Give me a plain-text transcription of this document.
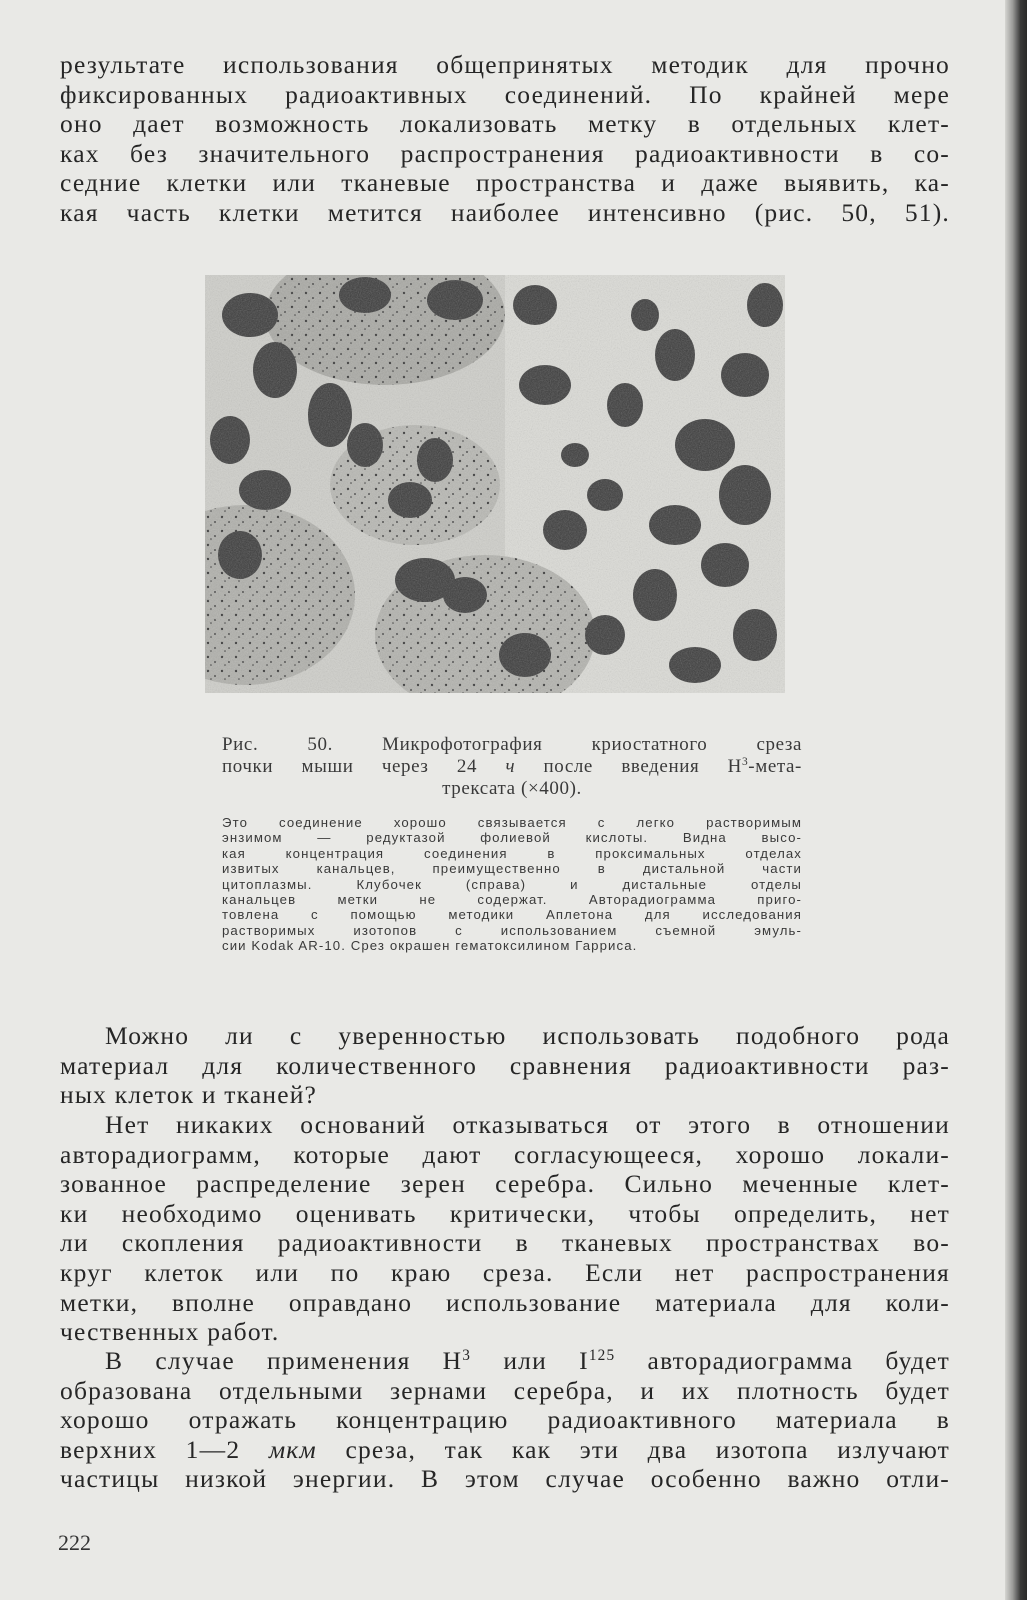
результате использования общепринятых методик для прочно
фиксированных радиоактивных соединений. По крайней мере
оно дает возможность локализовать метку в отдельных клет-
ках без значительного распространения радиоактивности в со-
седние клетки или тканевые пространства и даже выявить, ка-
кая часть клетки метится наиболее интенсивно (рис. 50, 51).
Рис. 50. Микрофотография криостатного среза
почки мыши через 24 ч после введения $Н^3-мета-$
трексата (×400).
Это соединение хорошо связывается с легко растворимым
энзимом — редуктазой фолиевой кислоты. Видна высо-
кая концентрация соединения в проксимальных отделах
извитых канальцев, преимущественно в дистальной части
цитоплазмы. Клубочек (справа) и дистальные отделы
канальцев метки не содержат. Авторадиограмма приго-
товлена с помощью методики Аплетона для исследования
растворимых изотопов с использованием съемной эмуль-
сии Kodak AR-10. Срез окрашен гематоксилином Гарриса.
Можно ли с уверенностью использовать подобного рода
материал для количественного сравнения радиоактивности раз-
ных клеток и тканей?
Нет никаких оснований отказываться от этого в отношении
авторадиограмм, которые дают согласующееся, хорошо локали-
зованное распределение зерен серебра. Сильно меченные клет-
ки необходимо оценивать критически, чтобы определить, нет
ли скопления радиоактивности в тканевых пространствах во-
круг клеток или по краю среза. Если нет распространения
метки, вполне оправдано использование материала для коли-
чественных работ.
В случае применения $Н^3$ или $I^{125}$ авторадиограмма будет
образована отдельными зернами серебра, и их плотность будет
хорошо отражать концентрацию радиоактивного материала в
верхних 1—2 мкм среза, так как эти два изотопа излучают
частицы низкой энергии. В этом случае особенно важно отли-
222
